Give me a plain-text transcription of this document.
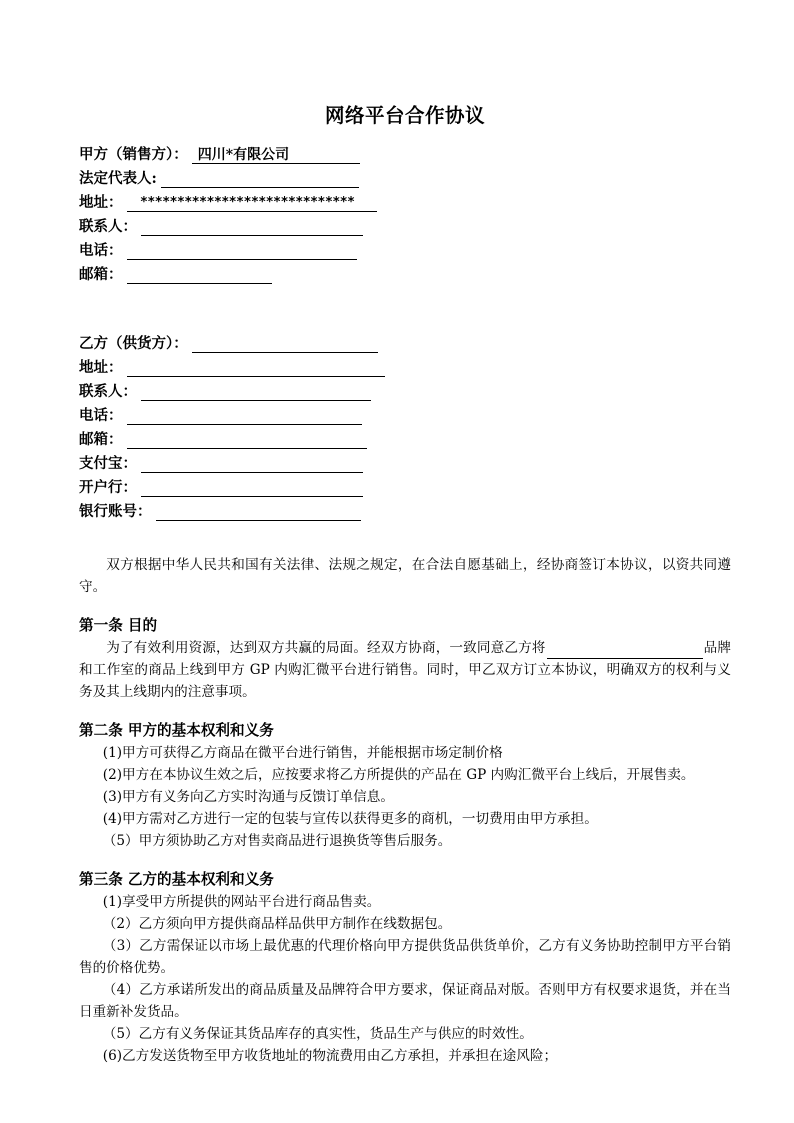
网络平台合作协议
甲方（销售方）： 四川*有限公司
法定代表人:
地址： *****************************
联系人：
电话：
邮箱：
乙方（供货方）：
地址：
联系人：
电话：
邮箱：
支付宝：
开户行：
银行账号：

双方根据中华人民共和国有关法律、法规之规定，在合法自愿基础上，经协商签订本协议，以资共同遵守。

第一条 目的

为了有效利用资源，达到双方共赢的局面。经双方协商，一致同意乙方将	品牌和工作室的商品上线到甲方 GP 内购汇微平台进行销售。同时，甲乙双方订立本协议，明确双方的权利与义务及其上线期内的注意事项。

第二条 甲方的基本权利和义务

(1)甲方可获得乙方商品在微平台进行销售，并能根据市场定制价格

(2)甲方在本协议生效之后，应按要求将乙方所提供的产品在 GP 内购汇微平台上线后，开展售卖。

(3)甲方有义务向乙方实时沟通与反馈订单信息。

(4)甲方需对乙方进行一定的包装与宣传以获得更多的商机，一切费用由甲方承担。

（5）甲方须协助乙方对售卖商品进行退换货等售后服务。

第三条 乙方的基本权利和义务

(1)享受甲方所提供的网站平台进行商品售卖。

（2）乙方须向甲方提供商品样品供甲方制作在线数据包。

（3）乙方需保证以市场上最优惠的代理价格向甲方提供货品供货单价，乙方有义务协助控制甲方平台销售的价格优势。

（4）乙方承诺所发出的商品质量及品牌符合甲方要求，保证商品对版。否则甲方有权要求退货，并在当日重新补发货品。

（5）乙方有义务保证其货品库存的真实性，货品生产与供应的时效性。

(6)乙方发送货物至甲方收货地址的物流费用由乙方承担，并承担在途风险；
